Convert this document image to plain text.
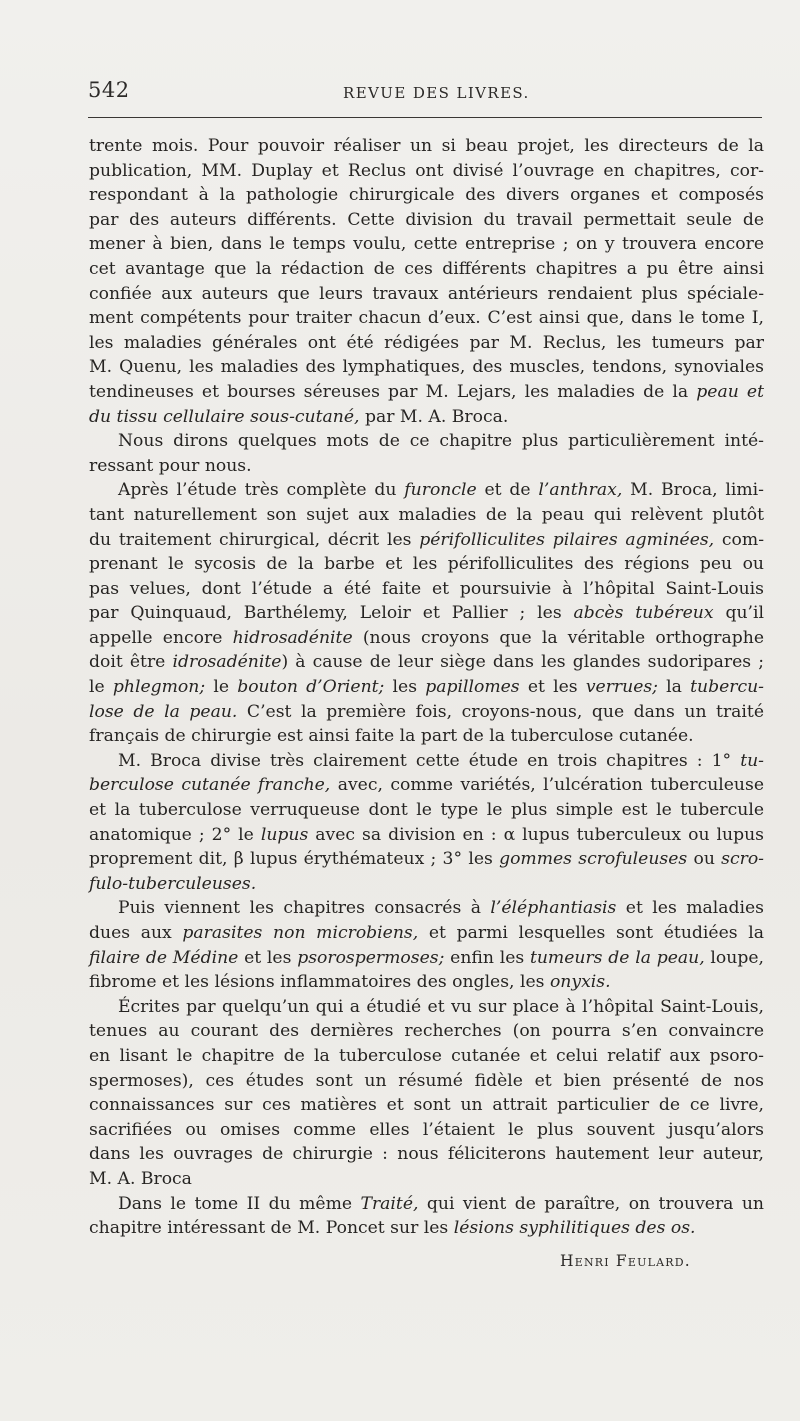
542	REVUE DES LIVRES.
trente mois. Pour pouvoir réaliser un si beau projet, les directeurs de la
publication, MM. Duplay et Reclus ont divisé l’ouvrage en chapitres, cor-
respondant à la pathologie chirurgicale des divers organes et composés
par des auteurs différents. Cette division du travail permettait seule de
mener à bien, dans le temps voulu, cette entreprise ; on y trouvera encore
cet avantage que la rédaction de ces différents chapitres a pu être ainsi
confiée aux auteurs que leurs travaux antérieurs rendaient plus spéciale-
ment compétents pour traiter chacun d’eux. C’est ainsi que, dans le tome I,
les maladies générales ont été rédigées par M. Reclus, les tumeurs par
M. Quenu, les maladies des lymphatiques, des muscles, tendons, synoviales
tendineuses et bourses séreuses par M. Lejars, les maladies de la peau et
du tissu cellulaire sous-cutané, par M. A. Broca.
Nous dirons quelques mots de ce chapitre plus particulièrement inté-
ressant pour nous.
Après l’étude très complète du furoncle et de l’anthrax, M. Broca, limi-
tant naturellement son sujet aux maladies de la peau qui relèvent plutôt
du traitement chirurgical, décrit les périfolliculites pilaires agminées, com-
prenant le sycosis de la barbe et les périfolliculites des régions peu ou
pas velues, dont l’étude a été faite et poursuivie à l’hôpital Saint-Louis
par Quinquaud, Barthélemy, Leloir et Pallier ; les abcès tubéreux qu’il
appelle encore hidrosadénite (nous croyons que la véritable orthographe
doit être idrosadénite) à cause de leur siège dans les glandes sudoripares ;
le phlegmon; le bouton d’Orient; les papillomes et les verrues; la tubercu-
lose de la peau. C’est la première fois, croyons-nous, que dans un traité
français de chirurgie est ainsi faite la part de la tuberculose cutanée.
M. Broca divise très clairement cette étude en trois chapitres : 1° tu-
berculose cutanée franche, avec, comme variétés, l’ulcération tuberculeuse
et la tuberculose verruqueuse dont le type le plus simple est le tubercule
anatomique ; 2° le lupus avec sa division en : α lupus tuberculeux ou lupus
proprement dit, β lupus érythémateux ; 3° les gommes scrofuleuses ou scro-
fulo-tuberculeuses.
Puis viennent les chapitres consacrés à l’éléphantiasis et les maladies
dues aux parasites non microbiens, et parmi lesquelles sont étudiées la
filaire de Médine et les psorospermoses; enfin les tumeurs de la peau, loupe,
fibrome et les lésions inflammatoires des ongles, les onyxis.
Écrites par quelqu’un qui a étudié et vu sur place à l’hôpital Saint-Louis,
tenues au courant des dernières recherches (on pourra s’en convaincre
en lisant le chapitre de la tuberculose cutanée et celui relatif aux psoro-
spermoses), ces études sont un résumé fidèle et bien présenté de nos
connaissances sur ces matières et sont un attrait particulier de ce livre,
sacrifiées ou omises comme elles l’étaient le plus souvent jusqu’alors
dans les ouvrages de chirurgie : nous féliciterons hautement leur auteur,
M. A. Broca
Dans le tome II du même Traité, qui vient de paraître, on trouvera un
chapitre intéressant de M. Poncet sur les lésions syphilitiques des os.
Henri Feulard.
